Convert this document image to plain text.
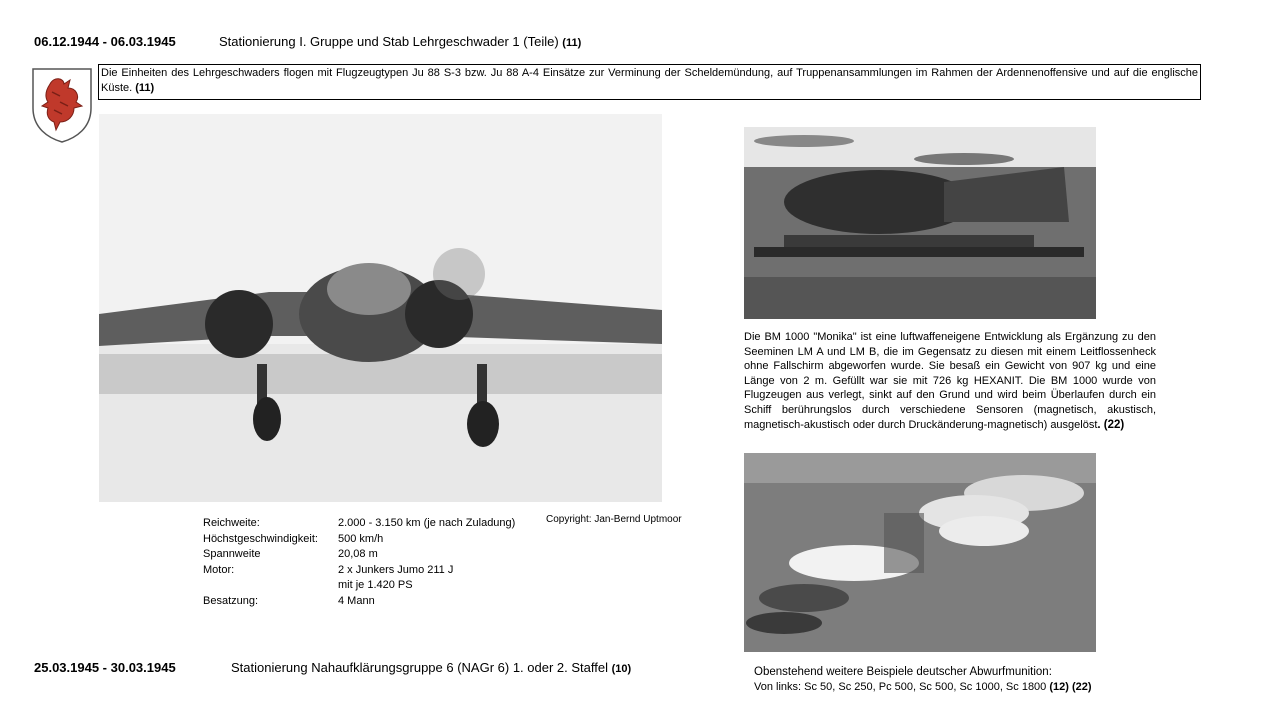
06.12.1944 - 06.03.1945	Stationierung I. Gruppe und Stab Lehrgeschwader 1 (Teile) (11)
Die Einheiten des Lehrgeschwaders flogen mit Flugzeugtypen Ju 88 S-3 bzw. Ju 88 A-4 Einsätze zur Verminung der Scheldemündung, auf Truppenansammlungen im Rahmen der Ardennenoffensive und auf die englische Küste. (11)
Reichweite:	2.000 - 3.150 km (je nach Zuladung)
Höchstgeschwindigkeit:	500 km/h
Spannweite	20,08 m
Motor:	2 x Junkers Jumo 211 J
mit je 1.420 PS
Besatzung:	4 Mann
Copyright: Jan-Bernd Uptmoor
Die BM 1000 "Monika" ist eine luftwaffeneigene Entwicklung als Ergänzung zu den Seeminen LM A und LM B, die im Gegensatz zu diesen mit einem Leitflossenheck ohne Fallschirm abgeworfen wurde. Sie besaß ein Gewicht von 907 kg und eine Länge von 2 m. Gefüllt war sie mit 726 kg HEXANIT. Die BM 1000 wurde von Flugzeugen aus verlegt, sinkt auf den Grund und wird beim Überlaufen durch ein Schiff berührungslos durch verschiedene Sensoren (magnetisch, akustisch, magnetisch-akustisch oder durch Druckänderung-magnetisch) ausgelöst. (22)
25.03.1945 - 30.03.1945	Stationierung Nahaufklärungsgruppe 6 (NAGr 6) 1. oder 2. Staffel (10)	Obenstehend weitere Beispiele deutscher Abwurfmunition:
Von links: Sc 50, Sc 250, Pc 500, Sc 500, Sc 1000, Sc 1800 (12) (22)
